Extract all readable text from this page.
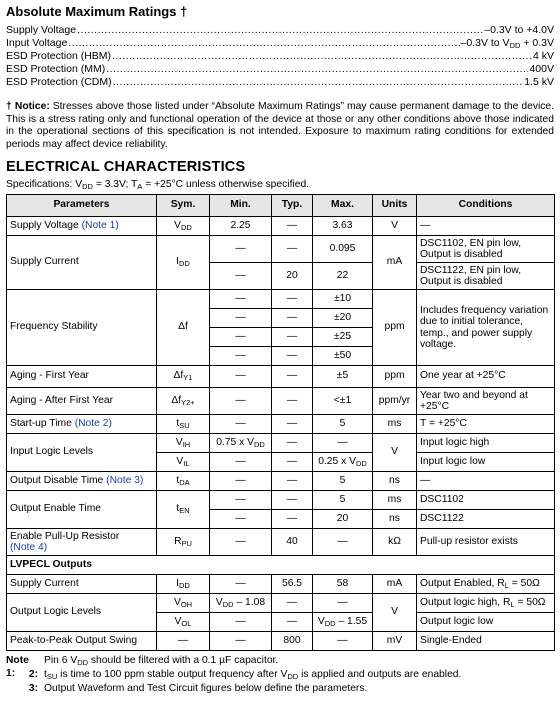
Absolute Maximum Ratings †
Supply Voltage .....	–0.3V to +4.0V
Input Voltage .....	–0.3V to $V_{DD} + 0.3V$
ESD Protection (HBM) .....	4 kV
ESD Protection (MM) .....	400V
ESD Protection (CDM) .....	1.5 kV

† Notice: Stresses above those listed under “Absolute Maximum Ratings” may cause permanent damage to the device. This is a stress rating only and functional operation of the device at those or any other conditions above those indicated in the operational sections of this specification is not intended. Exposure to maximum rating conditions for extended periods may affect device reliability.

ELECTRICAL CHARACTERISTICS
Specifications: $V_{DD} = 3.3V$; $T_A = +25^\circ C$ unless otherwise specified.
Parameters	Sym.	Min.	Typ.	Max.	Units	Conditions
Supply Voltage (Note 1)	$V_{DD}$	2.25	—	3.63	V	—
Supply Current	$I_{DD}$	—	—	0.095	mA	DSC1102, EN pin low, Output is disabled
		—	20	22		DSC1122, EN pin low, Output is disabled
Frequency Stability	Δf	—	—	±10	ppm	Includes frequency variation due to initial tolerance, temp., and power supply voltage.
		—	—	±20		
		—	—	±25		
		—	—	±50		
Aging - First Year	$\Delta f_{Y1}$	—	—	±5	ppm	One year at +25°C
Aging - After First Year	$\Delta f_{Y2+}$	—	—	<±1	ppm/yr	Year two and beyond at +25°C
Start-up Time (Note 2)	$t_{SU}$	—	—	5	ms	T = +25°C
Input Logic Levels	$V_{IH}$	0.75 x $V_{DD}$	—	—	V	Input logic high
	$V_{IL}$	—	—	0.25 x $V_{DD}$		Input logic low
Output Disable Time (Note 3)	$t_{DA}$	—	—	5	ns	—
Output Enable Time	$t_{EN}$	—	—	5	ms	DSC1102
		—	—	20	ns	DSC1122
Enable Pull-Up Resistor
(Note 4)	$R_{PU}$	—	40	—	kΩ	Pull-up resistor exists
LVPECL Outputs						
Supply Current	$I_{DD}$	—	56.5	58	mA	Output Enabled, $R_L = 50\Omega$
Output Logic Levels	$V_{OH}$	$V_{DD} - 1.08$	—	—	V	Output logic high, $R_L = 50\Omega$
	$V_{OL}$	—	—	$V_{DD} - 1.55$		Output logic low
Peak-to-Peak Output Swing	—	—	800	—	mV	Single-Ended
Note 1:
Pin 6 $V_{DD}$ should be filtered with a 0.1 µF capacitor.
2: $t_{SU}$ is time to 100 ppm stable output frequency after $V_{DD}$ is applied and outputs are enabled.
3: Output Waveform and Test Circuit figures below define the parameters.
